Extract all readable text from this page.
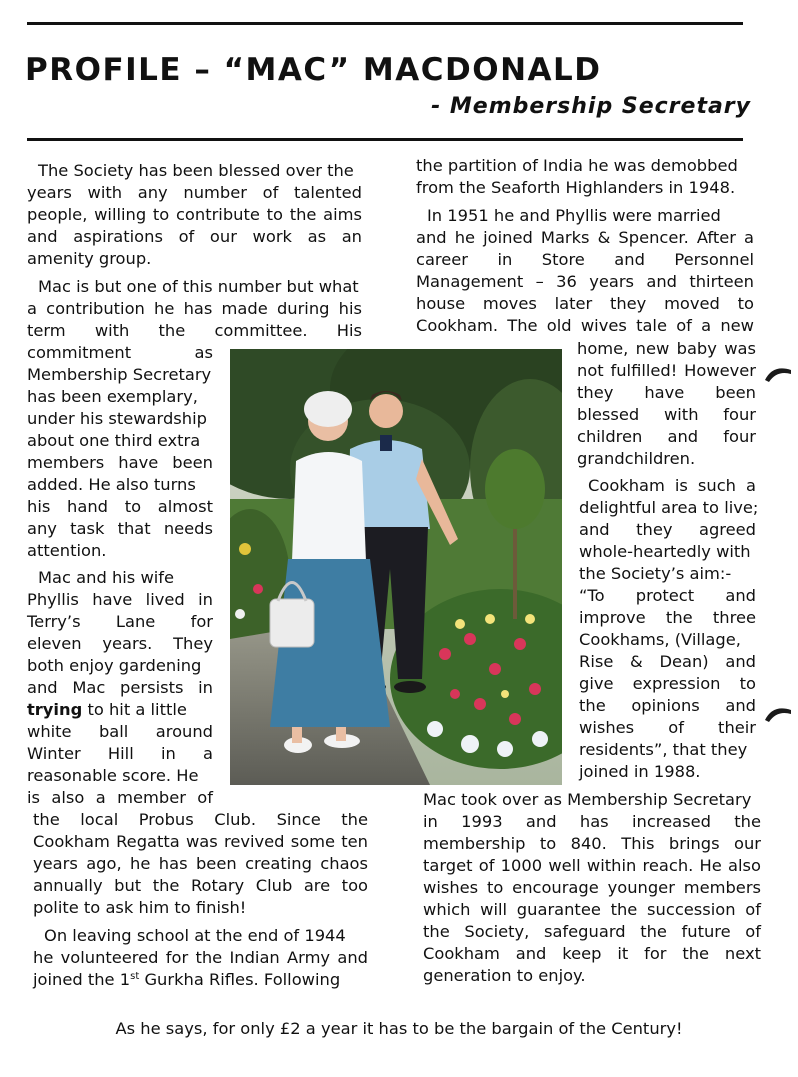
PROFILE – “MAC” MACDONALD
- Membership Secretary
The Society has been blessed over the
years with any number of talented
people, willing to contribute to the aims
and aspirations of our work as an
amenity group.
Mac is but one of this number but what
a contribution he has made during his
term with the committee. His
commitment as
Membership Secretary
has been exemplary,
under his stewardship
about one third extra
members have been
added. He also turns
his hand to almost
any task that needs
attention.
Mac and his wife
Phyllis have lived in
Terry’s Lane for
eleven years. They
both enjoy gardening
and Mac persists in
trying to hit a little
white ball around
Winter Hill in a
reasonable score. He
is also a member of
the local Probus Club. Since the
Cookham Regatta was revived some ten
years ago, he has been creating chaos
annually but the Rotary Club are too
polite to ask him to finish!
On leaving school at the end of 1944
he volunteered for the Indian Army and
joined the 1st Gurkha Rifles. Following
the partition of India he was demobbed
from the Seaforth Highlanders in 1948.
In 1951 he and Phyllis were married
and he joined Marks & Spencer. After a
career in Store and Personnel
Management – 36 years and thirteen
house moves later they moved to
Cookham. The old wives tale of a new
home, new baby was
not fulfilled! However
they have been
blessed with four
children and four
grandchildren.
Cookham is such a
delightful area to live;
and they agreed
whole-heartedly with
the Society’s aim:-
“To protect and
improve the three
Cookhams, (Village,
Rise & Dean) and
give expression to
the opinions and
wishes of their
residents”, that they
joined in 1988.
Mac took over as Membership Secretary
in 1993 and has increased the
membership to 840. This brings our
target of 1000 well within reach. He also
wishes to encourage younger members
which will guarantee the succession of
the Society, safeguard the future of
Cookham and keep it for the next
generation to enjoy.
As he says, for only £2 a year it has to be the bargain of the Century!
